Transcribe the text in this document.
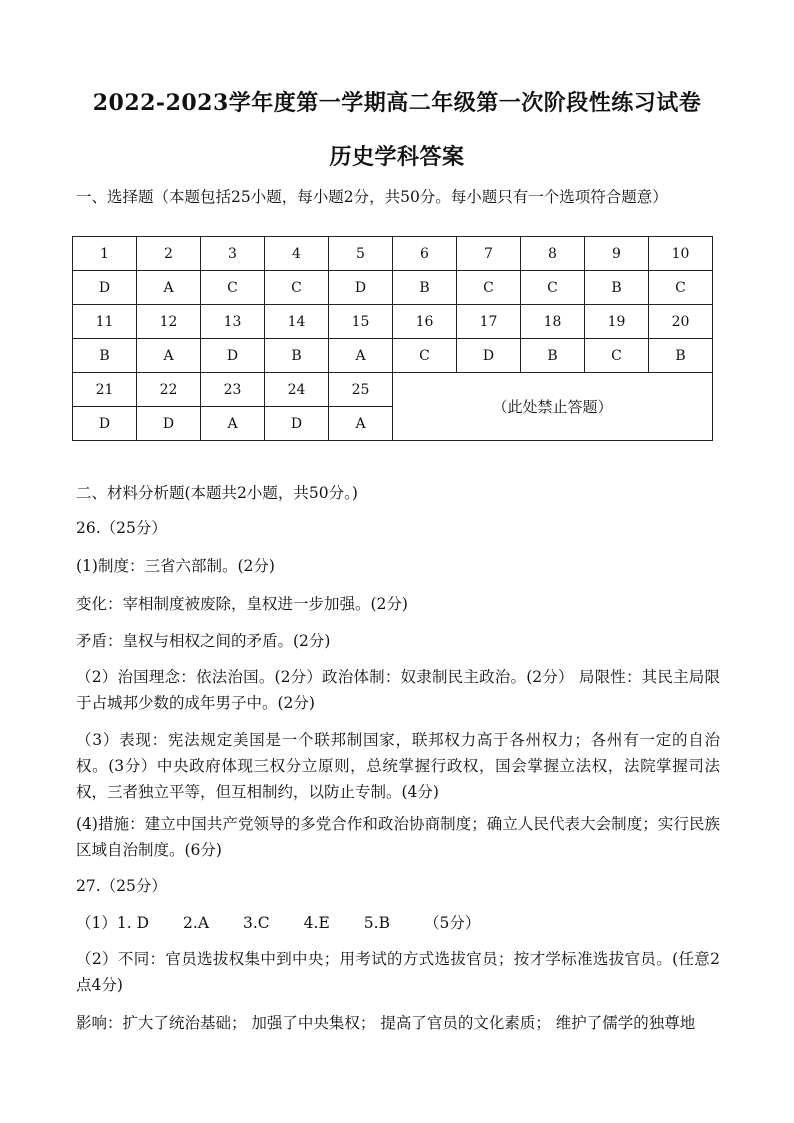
2022-2023学年度第一学期高二年级第一次阶段性练习试卷
历史学科答案
一、选择题（本题包括25小题，每小题2分，共50分。每小题只有一个选项符合题意）
1	2	3	4	5	6	7	8	9	10
D	A	C	C	D	B	C	C	B	C
11	12	13	14	15	16	17	18	19	20
B	A	D	B	A	C	D	B	C	B
21	22	23	24	25	（此处禁止答题）				
D	D	A	D	A					
二、材料分析题(本题共2小题，共50分。)
26.（25分）
(1)制度：三省六部制。(2分)
变化：宰相制度被废除，皇权进一步加强。(2分)
矛盾：皇权与相权之间的矛盾。(2分)
（2）治国理念：依法治国。(2分）政治体制：奴隶制民主政治。(2分） 局限性：其民主局限于占城邦少数的成年男子中。(2分)
（3）表现：宪法规定美国是一个联邦制国家，联邦权力高于各州权力；各州有一定的自治权。(3分）中央政府体现三权分立原则，总统掌握行政权，国会掌握立法权，法院掌握司法权，三者独立平等，但互相制约，以防止专制。(4分)
(4)措施：建立中国共产党领导的多党合作和政治协商制度；确立人民代表大会制度；实行民族区域自治制度。(6分)
27.（25分）
（1）1. D 2.A 3.C 4.E 5.B （5分）
（2）不同：官员选拔权集中到中央；用考试的方式选拔官员；按才学标准选拔官员。(任意2点4分)
影响：扩大了统治基础； 加强了中央集权； 提高了官员的文化素质； 维护了儒学的独尊地
